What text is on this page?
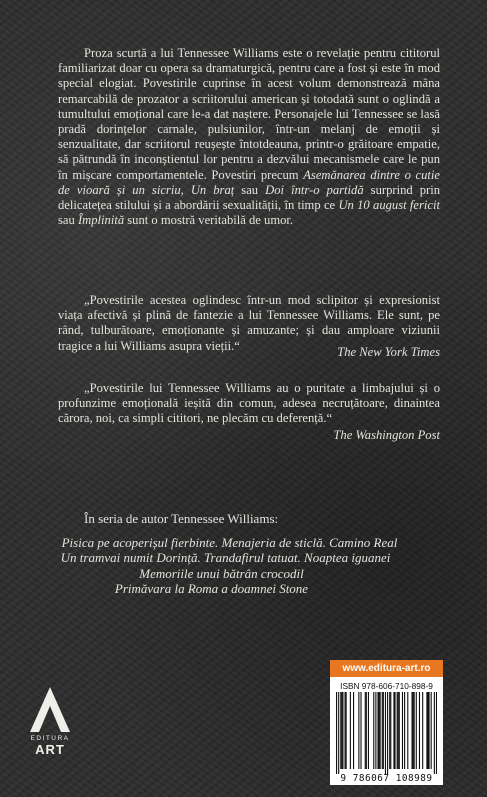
Proza scurtă a lui Tennessee Williams este o revelație pentru cititorul familiarizat doar cu opera sa dramaturgică, pentru care a fost și este în mod special elogiat. Povestirile cuprinse în acest volum demonstrează mâna remarcabilă de prozator a scriitorului american și totodată sunt o oglindă a tumultului emoțional care le-a dat naștere. Personajele lui Tennessee se lasă pradă dorințelor carnale, pulsiunilor, într-un melanj de emoții și senzualitate, dar scriitorul reușește întotdeauna, printr-o grăitoare empatie, să pătrundă în inconștientul lor pentru a dezvălui mecanismele care le pun în mișcare comportamentele. Povestiri precum Asemănarea dintre o cutie de vioară și un sicriu, Un braț sau Doi într-o partidă surprind prin delicatețea stilului și a abordării sexualității, în timp ce Un 10 august fericit sau Împlinită sunt o mostră veritabilă de umor.

„Povestirile acestea oglindesc într-un mod sclipitor și expresionist viața afectivă și plină de fantezie a lui Tennessee Williams. Ele sunt, pe rând, tulburătoare, emoționante și amuzante; și dau amploare viziunii tragice a lui Williams asupra vieții.“	The New York Times

„Povestirile lui Tennessee Williams au o puritate a limbajului și o profunzime emoțională ieșită din comun, adesea necruțătoare, dinaintea cărora, noi, ca simpli cititori, ne plecăm cu deferență.“

The Washington Post

În seria de autor Tennessee Williams:

Pisica pe acoperișul fierbinte. Menajeria de sticlă. Camino Real
Un tramvai numit Dorință. Trandafirul tatuat. Noaptea iguanei
Memoriile unui bătrân crocodil
Primăvara la Roma a doamnei Stone
EDITURA
ART
www.editura-art.ro
ISBN 978-606-710-898-9
9 786067 108989
